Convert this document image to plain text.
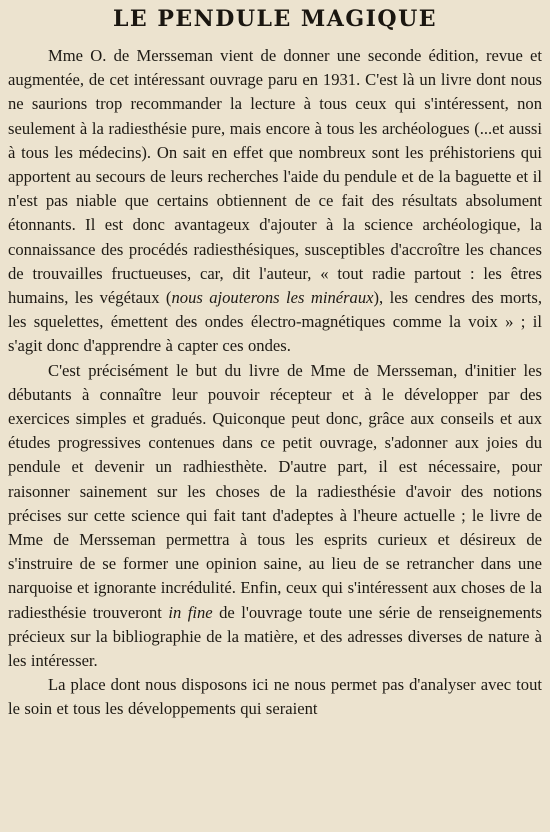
LE PENDULE MAGIQUE

Mme O. de Mersseman vient de donner une seconde édition, revue et augmentée, de cet intéressant ouvrage paru en 1931. C'est là un livre dont nous ne saurions trop recommander la lecture à tous ceux qui s'intéressent, non seulement à la radiesthésie pure, mais encore à tous les archéologues (...et aussi à tous les médecins). On sait en effet que nombreux sont les préhistoriens qui apportent au secours de leurs recherches l'aide du pendule et de la baguette et il n'est pas niable que certains obtiennent de ce fait des résultats absolument étonnants. Il est donc avantageux d'ajouter à la science archéologique, la connaissance des procédés radiesthésiques, susceptibles d'accroître les chances de trouvailles fructueuses, car, dit l'auteur, « tout radie partout : les êtres humains, les végétaux (nous ajouterons les minéraux), les cendres des morts, les squelettes, émettent des ondes électro-magnétiques comme la voix » ; il s'agit donc d'apprendre à capter ces ondes.

C'est précisément le but du livre de Mme de Mersseman, d'initier les débutants à connaître leur pouvoir récepteur et à le développer par des exercices simples et gradués. Quiconque peut donc, grâce aux conseils et aux études progressives contenues dans ce petit ouvrage, s'adonner aux joies du pendule et devenir un radhiesthète. D'autre part, il est nécessaire, pour raisonner sainement sur les choses de la radiesthésie d'avoir des notions précises sur cette science qui fait tant d'adeptes à l'heure actuelle ; le livre de Mme de Mersseman permettra à tous les esprits curieux et désireux de s'instruire de se former une opinion saine, au lieu de se retrancher dans une narquoise et ignorante incrédulité. Enfin, ceux qui s'intéressent aux choses de la radiesthésie trouveront in fine de l'ouvrage toute une série de renseignements précieux sur la bibliographie de la matière, et des adresses diverses de nature à les intéresser.

La place dont nous disposons ici ne nous permet pas d'analyser avec tout le soin et tous les développements qui seraient
